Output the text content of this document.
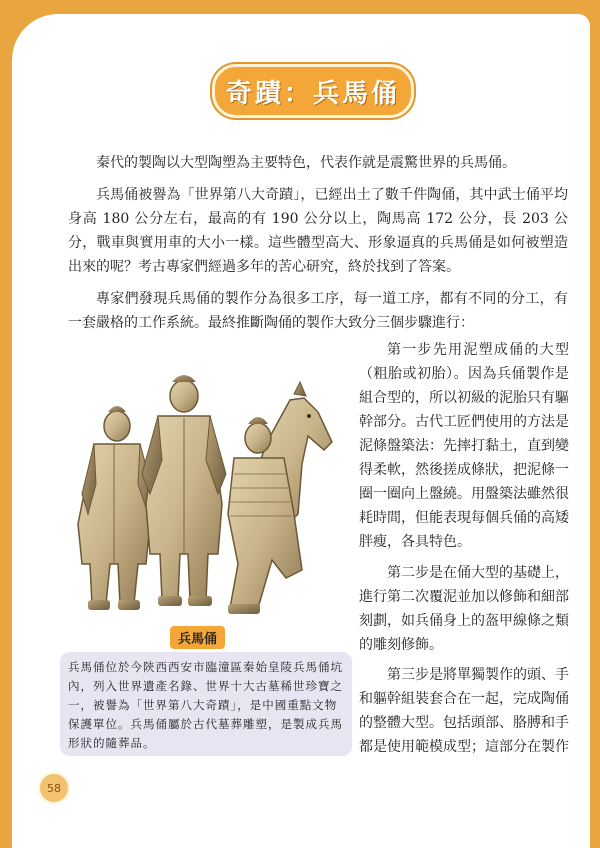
奇蹟：兵馬俑

秦代的製陶以大型陶塑為主要特色，代表作就是震驚世界的兵馬俑。

兵馬俑被譽為「世界第八大奇蹟」，已經出土了數千件陶俑，其中武士俑平均身高 180 公分左右，最高的有 190 公分以上，陶馬高 172 公分，長 203 公分，戰車與實用車的大小一樣。這些體型高大、形象逼真的兵馬俑是如何被塑造出來的呢？考古專家們經過多年的苦心研究，終於找到了答案。

專家們發現兵馬俑的製作分為很多工序，每一道工序，都有不同的分工，有一套嚴格的工作系統。最終推斷陶俑的製作大致分三個步驟進行：

第一步先用泥塑成俑的大型（粗胎或初胎）。因為兵俑製作是組合型的，所以初級的泥胎只有驅幹部分。古代工匠們使用的方法是泥條盤築法：先摔打黏土，直到變得柔軟，然後搓成條狀，把泥條一圈一圈向上盤繞。用盤築法雖然很耗時間，但能表現每個兵俑的高矮胖瘦，各具特色。

第二步是在俑大型的基礎上，進行第二次覆泥並加以修飾和細部刻劃，如兵俑身上的盔甲線條之類的雕刻修飾。

第三步是將單獨製作的頭、手和軀幹組裝套合在一起，完成陶俑的整體大型。包括頭部、胳膊和手都是使用範模成型；這部分在製作

兵馬俑

兵馬俑位於今陝西西安市臨潼區秦始皇陵兵馬俑坑內，列入世界遺產名錄、世界十大古墓稀世珍寶之一，被譽為「世界第八大奇蹟」，是中國重點文物保護單位。兵馬俑屬於古代墓葬雕塑，是製成兵馬形狀的隨葬品。

58
